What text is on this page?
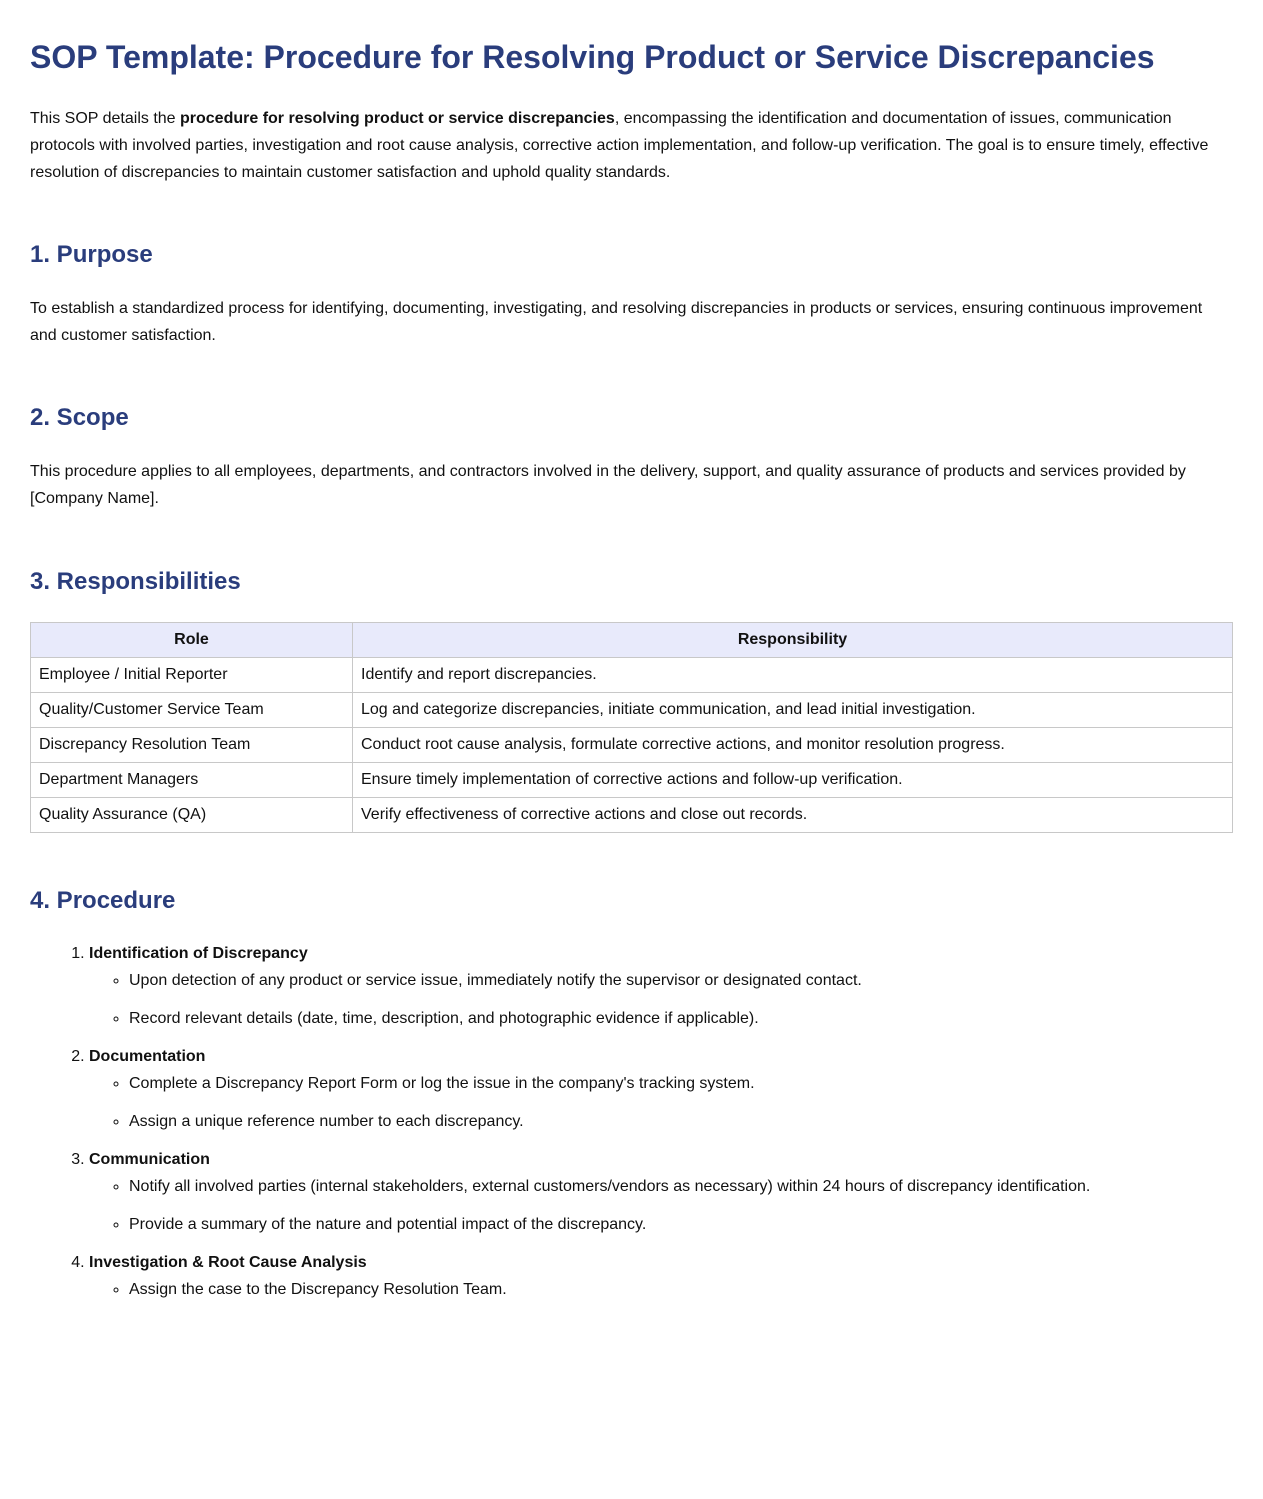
SOP Template: Procedure for Resolving Product or Service Discrepancies

This SOP details the procedure for resolving product or service discrepancies, encompassing the identification and documentation of issues, communication protocols with involved parties, investigation and root cause analysis, corrective action implementation, and follow-up verification. The goal is to ensure timely, effective resolution of discrepancies to maintain customer satisfaction and uphold quality standards.

1. Purpose

To establish a standardized process for identifying, documenting, investigating, and resolving discrepancies in products or services, ensuring continuous improvement and customer satisfaction.

2. Scope

This procedure applies to all employees, departments, and contractors involved in the delivery, support, and quality assurance of products and services provided by [Company Name].

3. Responsibilities
Role	Responsibility
Employee / Initial Reporter	Identify and report discrepancies.
Quality/Customer Service Team	Log and categorize discrepancies, initiate communication, and lead initial investigation.
Discrepancy Resolution Team	Conduct root cause analysis, formulate corrective actions, and monitor resolution progress.
Department Managers	Ensure timely implementation of corrective actions and follow-up verification.
Quality Assurance (QA)	Verify effectiveness of corrective actions and close out records.
4. Procedure
1. Identification of Discrepancy
◦ Upon detection of any product or service issue, immediately notify the supervisor or designated contact.
◦ Record relevant details (date, time, description, and photographic evidence if applicable).
2. Documentation
◦ Complete a Discrepancy Report Form or log the issue in the company's tracking system.
◦ Assign a unique reference number to each discrepancy.
3. Communication
◦ Notify all involved parties (internal stakeholders, external customers/vendors as necessary) within 24 hours of discrepancy identification.
◦ Provide a summary of the nature and potential impact of the discrepancy.
4. Investigation & Root Cause Analysis
◦ Assign the case to the Discrepancy Resolution Team.
